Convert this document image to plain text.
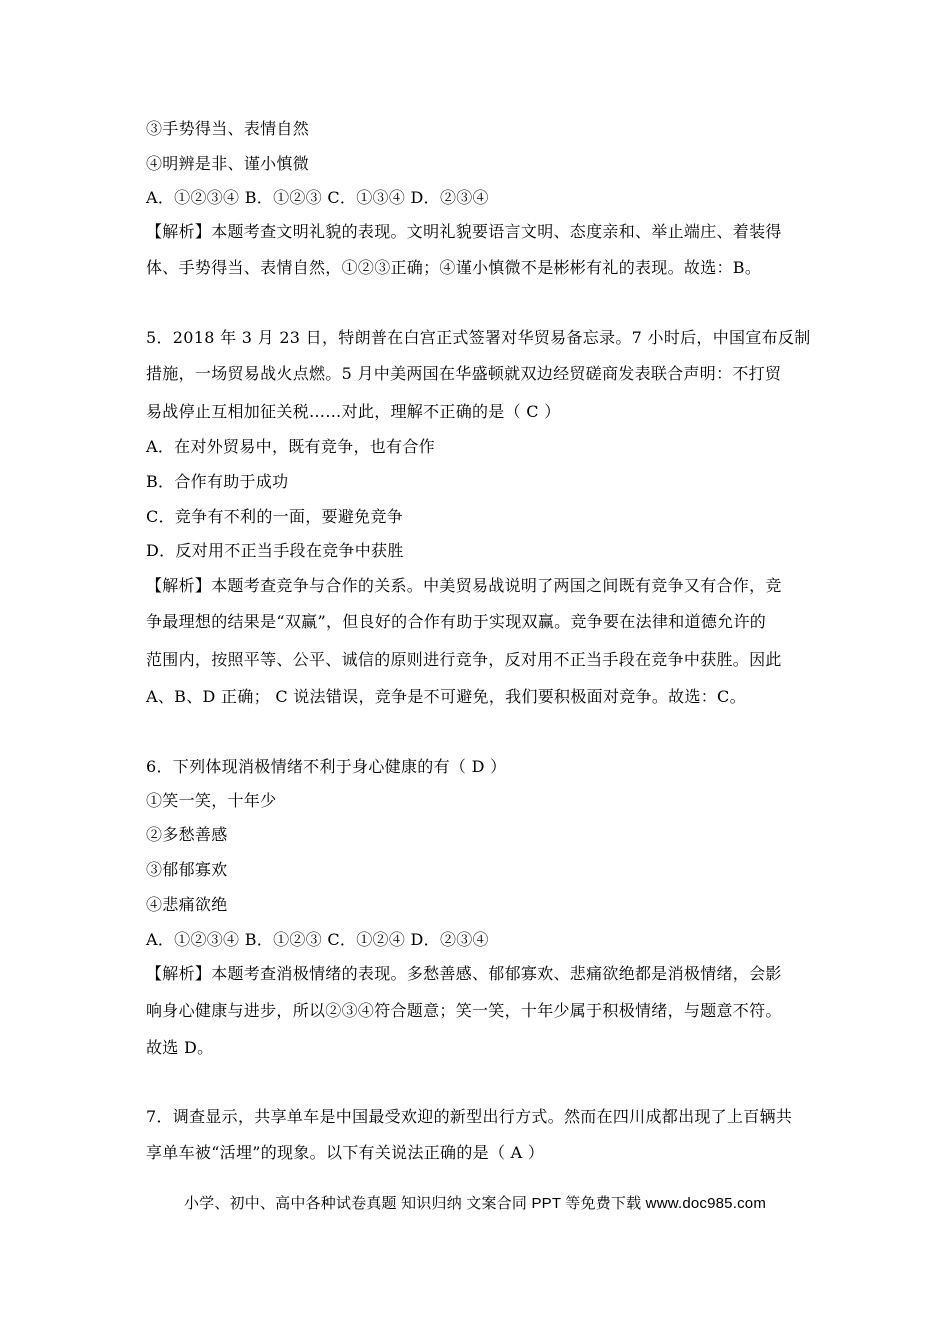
③手势得当、表情自然
④明辨是非、谨小慎微
A．①②③④ B．①②③ C．①③④ D．②③④
【解析】本题考查文明礼貌的表现。文明礼貌要语言文明、态度亲和、举止端庄、着装得
体、手势得当、表情自然，①②③正确；④谨小慎微不是彬彬有礼的表现。故选：B。
5．2018 年 3 月 23 日，特朗普在白宫正式签署对华贸易备忘录。7 小时后，中国宣布反制
措施，一场贸易战火点燃。5 月中美两国在华盛顿就双边经贸磋商发表联合声明：不打贸
易战停止互相加征关税……对此，理解不正确的是（ C ）
A．在对外贸易中，既有竞争，也有合作
B．合作有助于成功
C．竞争有不利的一面，要避免竞争
D．反对用不正当手段在竞争中获胜
【解析】本题考查竞争与合作的关系。中美贸易战说明了两国之间既有竞争又有合作，竞
争最理想的结果是“双赢”，但良好的合作有助于实现双赢。竞争要在法律和道德允许的
范围内，按照平等、公平、诚信的原则进行竞争，反对用不正当手段在竞争中获胜。因此
A、B、D 正确； C 说法错误，竞争是不可避免，我们要积极面对竞争。故选：C。
6．下列体现消极情绪不利于身心健康的有（ D ）
①笑一笑，十年少
②多愁善感
③郁郁寡欢
④悲痛欲绝
A．①②③④ B．①②③ C．①②④ D．②③④
【解析】本题考查消极情绪的表现。多愁善感、郁郁寡欢、悲痛欲绝都是消极情绪，会影
响身心健康与进步，所以②③④符合题意；笑一笑，十年少属于积极情绪，与题意不符。
故选 D。
7．调查显示，共享单车是中国最受欢迎的新型出行方式。然而在四川成都出现了上百辆共
享单车被“活埋”的现象。以下有关说法正确的是（ A ）
小学、初中、高中各种试卷真题 知识归纳 文案合同 PPT 等免费下载 www.doc985.com
